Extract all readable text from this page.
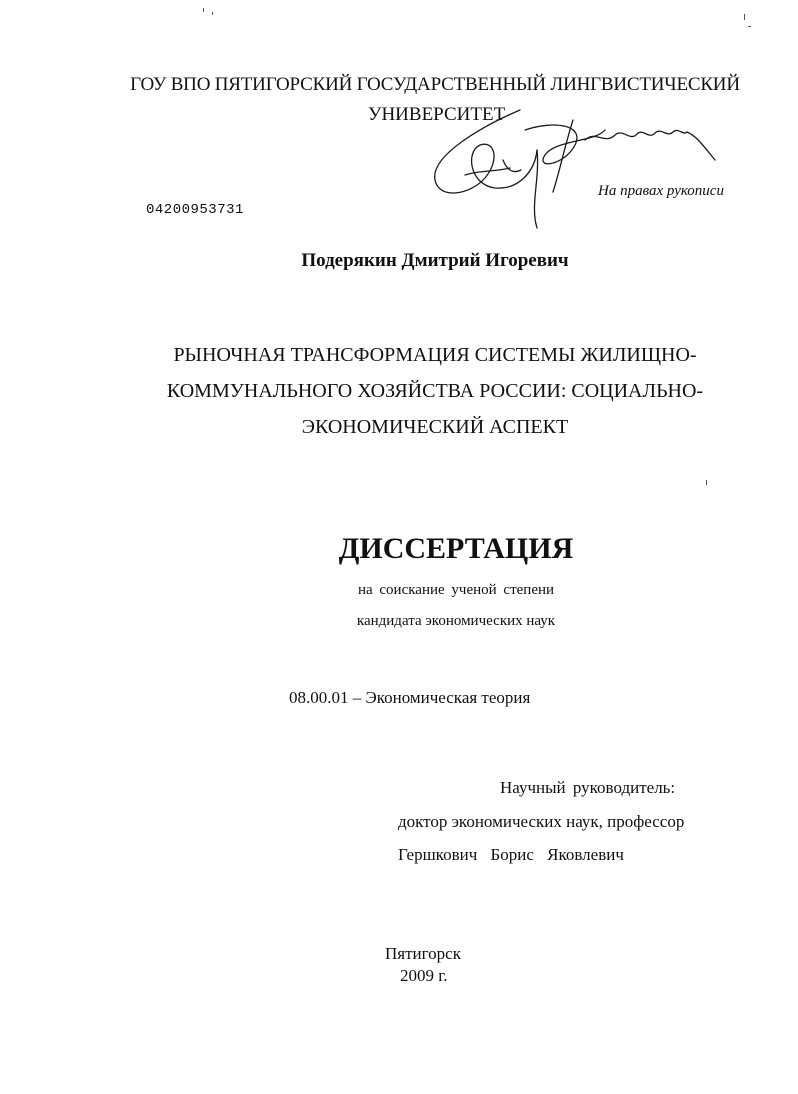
ГОУ ВПО ПЯТИГОРСКИЙ ГОСУДАРСТВЕННЫЙ ЛИНГВИСТИЧЕСКИЙ
УНИВЕРСИТЕТ
На правах рукописи
04200953731
Подерякин Дмитрий Игоревич
РЫНОЧНАЯ ТРАНСФОРМАЦИЯ СИСТЕМЫ ЖИЛИЩНО-
КОММУНАЛЬНОГО ХОЗЯЙСТВА РОССИИ: СОЦИАЛЬНО-
ЭКОНОМИЧЕСКИЙ АСПЕКТ
ДИССЕРТАЦИЯ
на соискание ученой степени
кандидата экономических наук
08.00.01 – Экономическая теория
Научный руководитель:
доктор экономических наук, профессор
Гершкович Борис Яковлевич
Пятигорск
2009 г.
